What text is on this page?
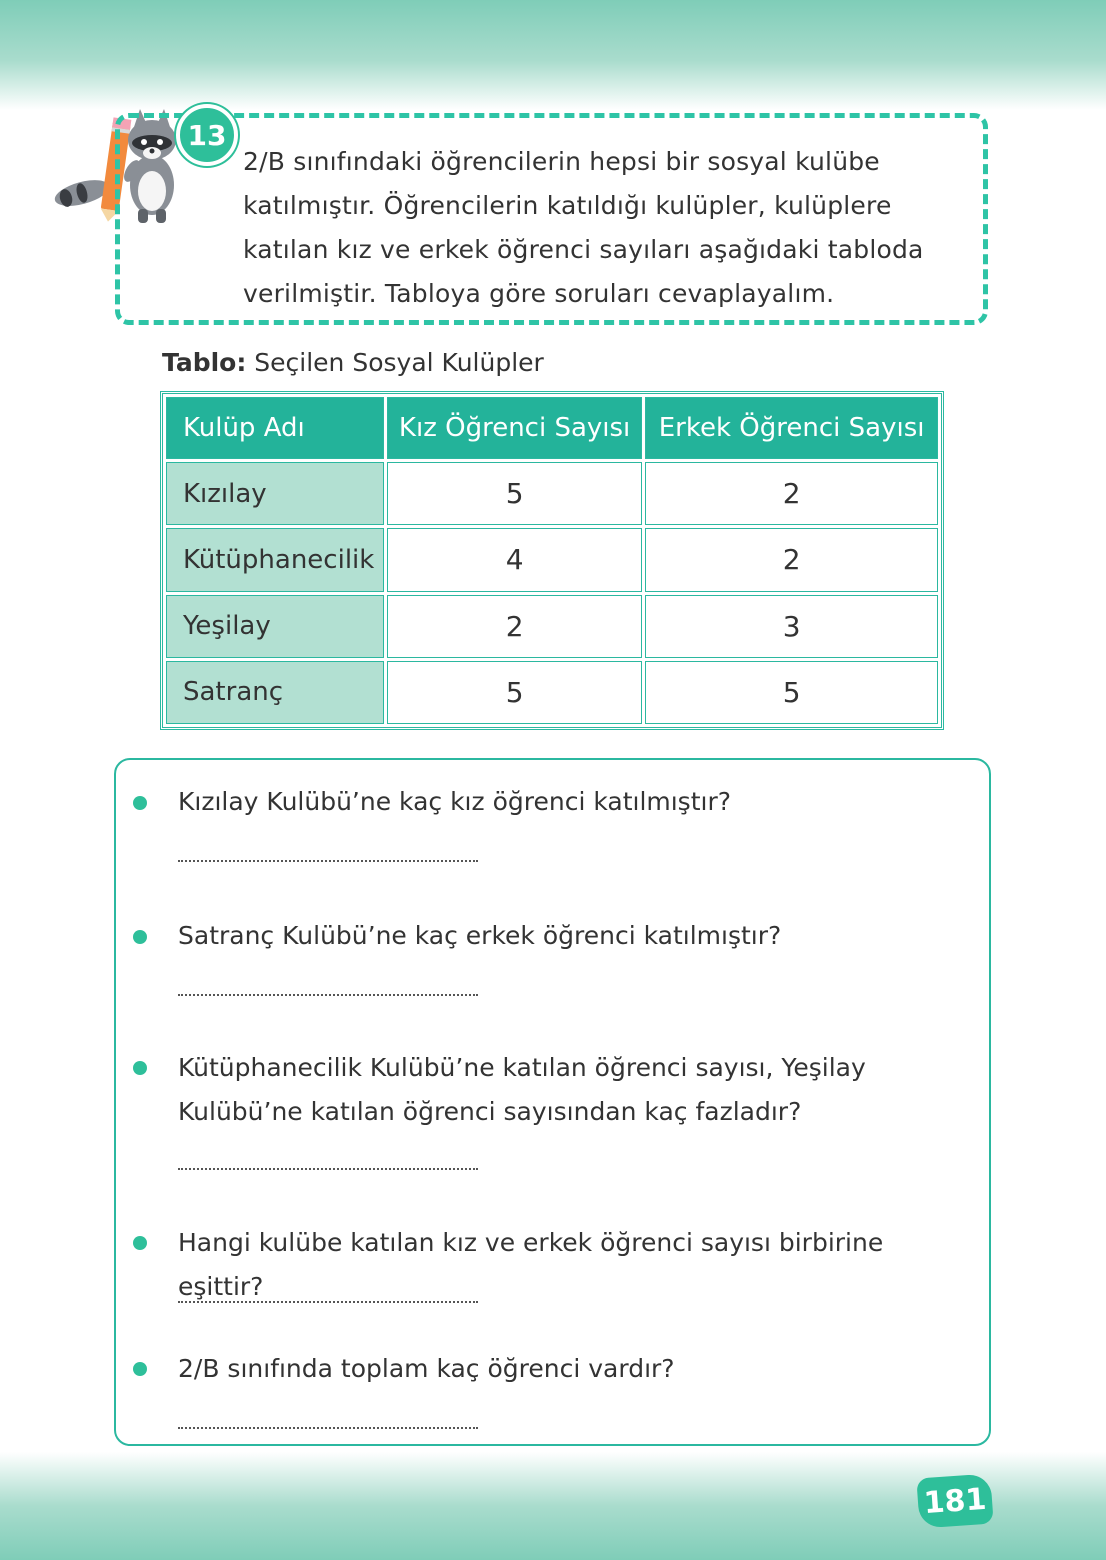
13
2/B sınıfındaki öğrencilerin hepsi bir sosyal kulübe katılmıştır. Öğrencilerin katıldığı kulüpler, kulüplere katılan kız ve erkek öğrenci sayıları aşağıdaki tabloda verilmiştir. Tabloya göre soruları cevaplayalım.
Tablo: Seçilen Sosyal Kulüpler
Kulüp Adı	Kız Öğrenci Sayısı	Erkek Öğrenci Sayısı
Kızılay	5	2
Kütüphanecilik	4	2
Yeşilay	2	3
Satranç	5	5
Kızılay Kulübü’ne kaç kız öğrenci katılmıştır?
Satranç Kulübü’ne kaç erkek öğrenci katılmıştır?
Kütüphanecilik Kulübü’ne katılan öğrenci sayısı, Yeşilay Kulübü’ne katılan öğrenci sayısından kaç fazladır?
Hangi kulübe katılan kız ve erkek öğrenci sayısı birbirine eşittir?
2/B sınıfında toplam kaç öğrenci vardır?
181
